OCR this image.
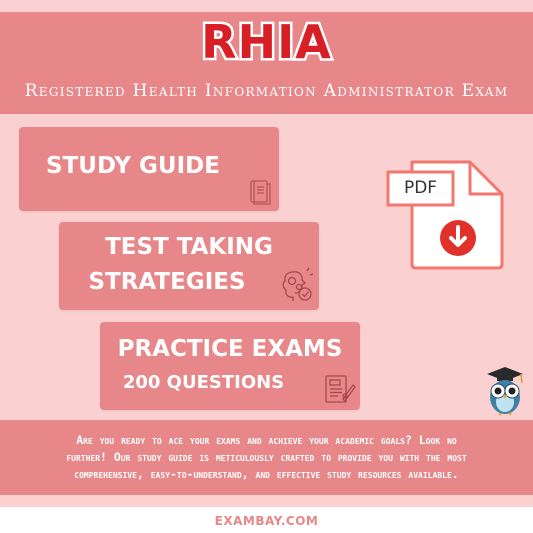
RHIA
Registered Health Information Administrator Exam
STUDY GUIDE
TEST TAKING
STRATEGIES
PRACTICE EXAMS
200 QUESTIONS
PDF
Are you ready to ace your exams and achieve your academic goals? Look no
further! Our study guide is meticulously crafted to provide you with the most
comprehensive, easy-to-understand, and effective study resources available.
EXAMBAY.COM
